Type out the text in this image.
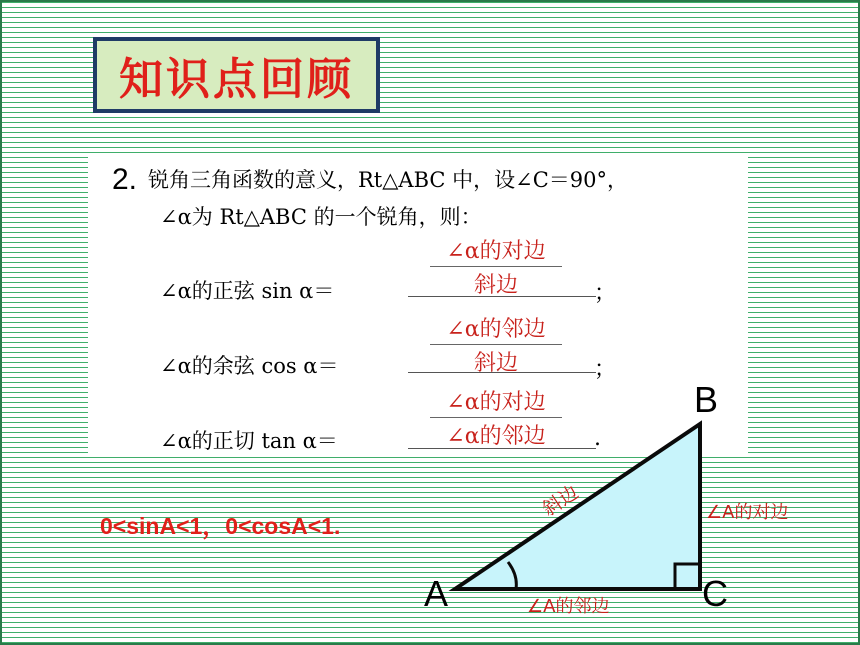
知识点回顾
2. 锐角三角函数的意义，Rt△ABC 中，设∠C＝90°，
∠α为 Rt△ABC 的一个锐角，则：
∠α的正弦 sin α＝
∠α的对边
斜边	；
∠α的余弦 cos α＝
∠α的邻边
斜边	；
∠α的正切 tan α＝
∠α的对边
∠α的邻边	.
0<sinA<1，0<cosA<1.
A
B
C
斜边	∠A的对边
∠A的邻边
